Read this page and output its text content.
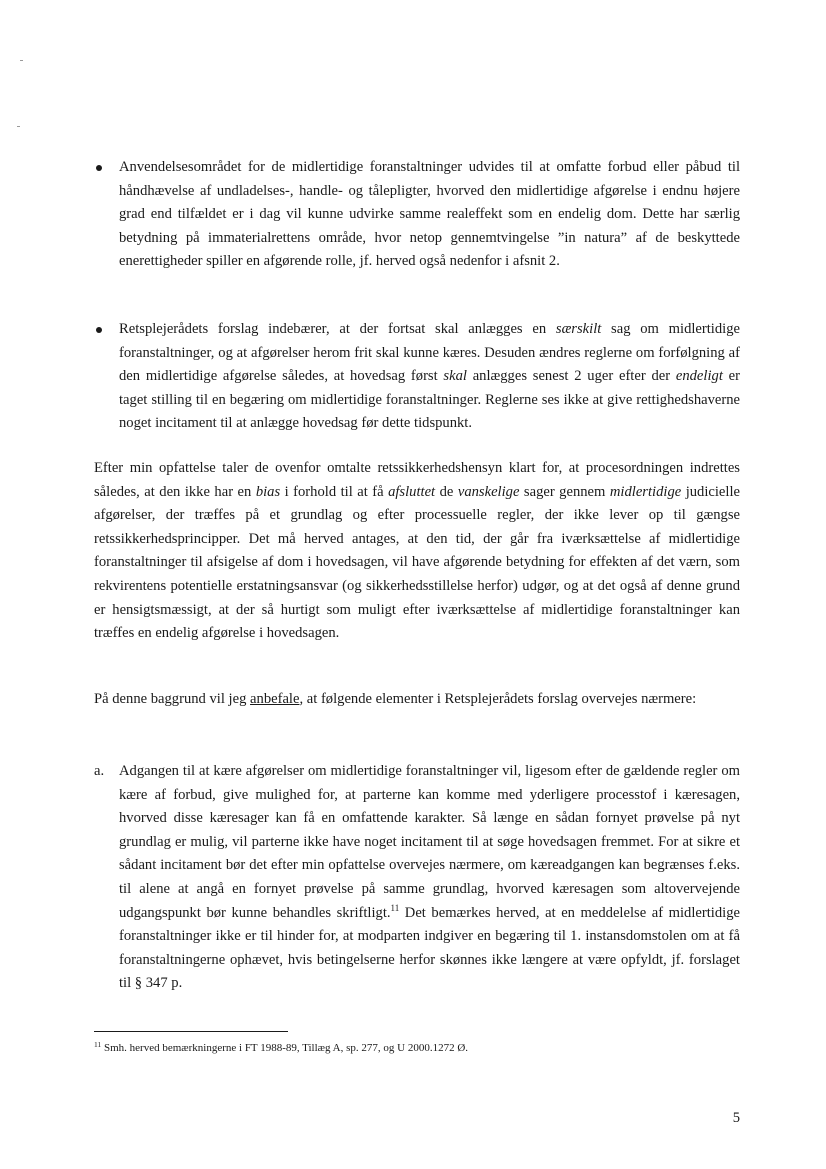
Anvendelsesområdet for de midlertidige foranstaltninger udvides til at omfatte forbud eller påbud til håndhævelse af undladelses-, handle- og tålepligter, hvorved den midlertidige afgørelse i endnu højere grad end tilfældet er i dag vil kunne udvirke samme realeffekt som en endelig dom. Dette har særlig betydning på immaterialrettens område, hvor netop gennemtvingelse ”in natura” af de beskyttede enerettigheder spiller en afgørende rolle, jf. herved også nedenfor i afsnit 2.
Retsplejerådets forslag indebærer, at der fortsat skal anlægges en særskilt sag om midlertidige foranstaltninger, og at afgørelser herom frit skal kunne kæres. Desuden ændres reglerne om forfølgning af den midlertidige afgørelse således, at hovedsag først skal anlægges senest 2 uger efter der endeligt er taget stilling til en begæring om midlertidige foranstaltninger. Reglerne ses ikke at give rettighedshaverne noget incitament til at anlægge hovedsag før dette tidspunkt.

Efter min opfattelse taler de ovenfor omtalte retssikkerhedshensyn klart for, at procesordningen indrettes således, at den ikke har en bias i forhold til at få afsluttet de vanskelige sager gennem midlertidige judicielle afgørelser, der træffes på et grundlag og efter processuelle regler, der ikke lever op til gængse retssikkerhedsprincipper. Det må herved antages, at den tid, der går fra iværksættelse af midlertidige foranstaltninger til afsigelse af dom i hovedsagen, vil have afgørende betydning for effekten af det værn, som rekvirentens potentielle erstatningsansvar (og sikkerhedsstillelse herfor) udgør, og at det også af denne grund er hensigtsmæssigt, at der så hurtigt som muligt efter iværksættelse af midlertidige foranstaltninger kan træffes en endelig afgørelse i hovedsagen.

På denne baggrund vil jeg anbefale, at følgende elementer i Retsplejerådets forslag overvejes nærmere:

a. Adgangen til at kære afgørelser om midlertidige foranstaltninger vil, ligesom efter de gældende regler om kære af forbud, give mulighed for, at parterne kan komme med yderligere processtof i kæresagen, hvorved disse kæresager kan få en omfattende karakter. Så længe en sådan fornyet prøvelse på nyt grundlag er mulig, vil parterne ikke have noget incitament til at søge hovedsagen fremmet. For at sikre et sådant incitament bør det efter min opfattelse overvejes nærmere, om kæreadgangen kan begrænses f.eks. til alene at angå en fornyet prøvelse på samme grundlag, hvorved kæresagen som altovervejende udgangspunkt bør kunne behandles skriftligt.$^{11}$ Det bemærkes herved, at en meddelelse af midlertidige foranstaltninger ikke er til hinder for, at modparten indgiver en begæring til 1. instansdomstolen om at få foranstaltningerne ophævet, hvis betingelserne herfor skønnes ikke længere at være opfyldt, jf. forslaget til § 347 p.
$^{11}$ Smh. herved bemærkningerne i FT 1988-89, Tillæg A, sp. 277, og U 2000.1272 Ø.
5
